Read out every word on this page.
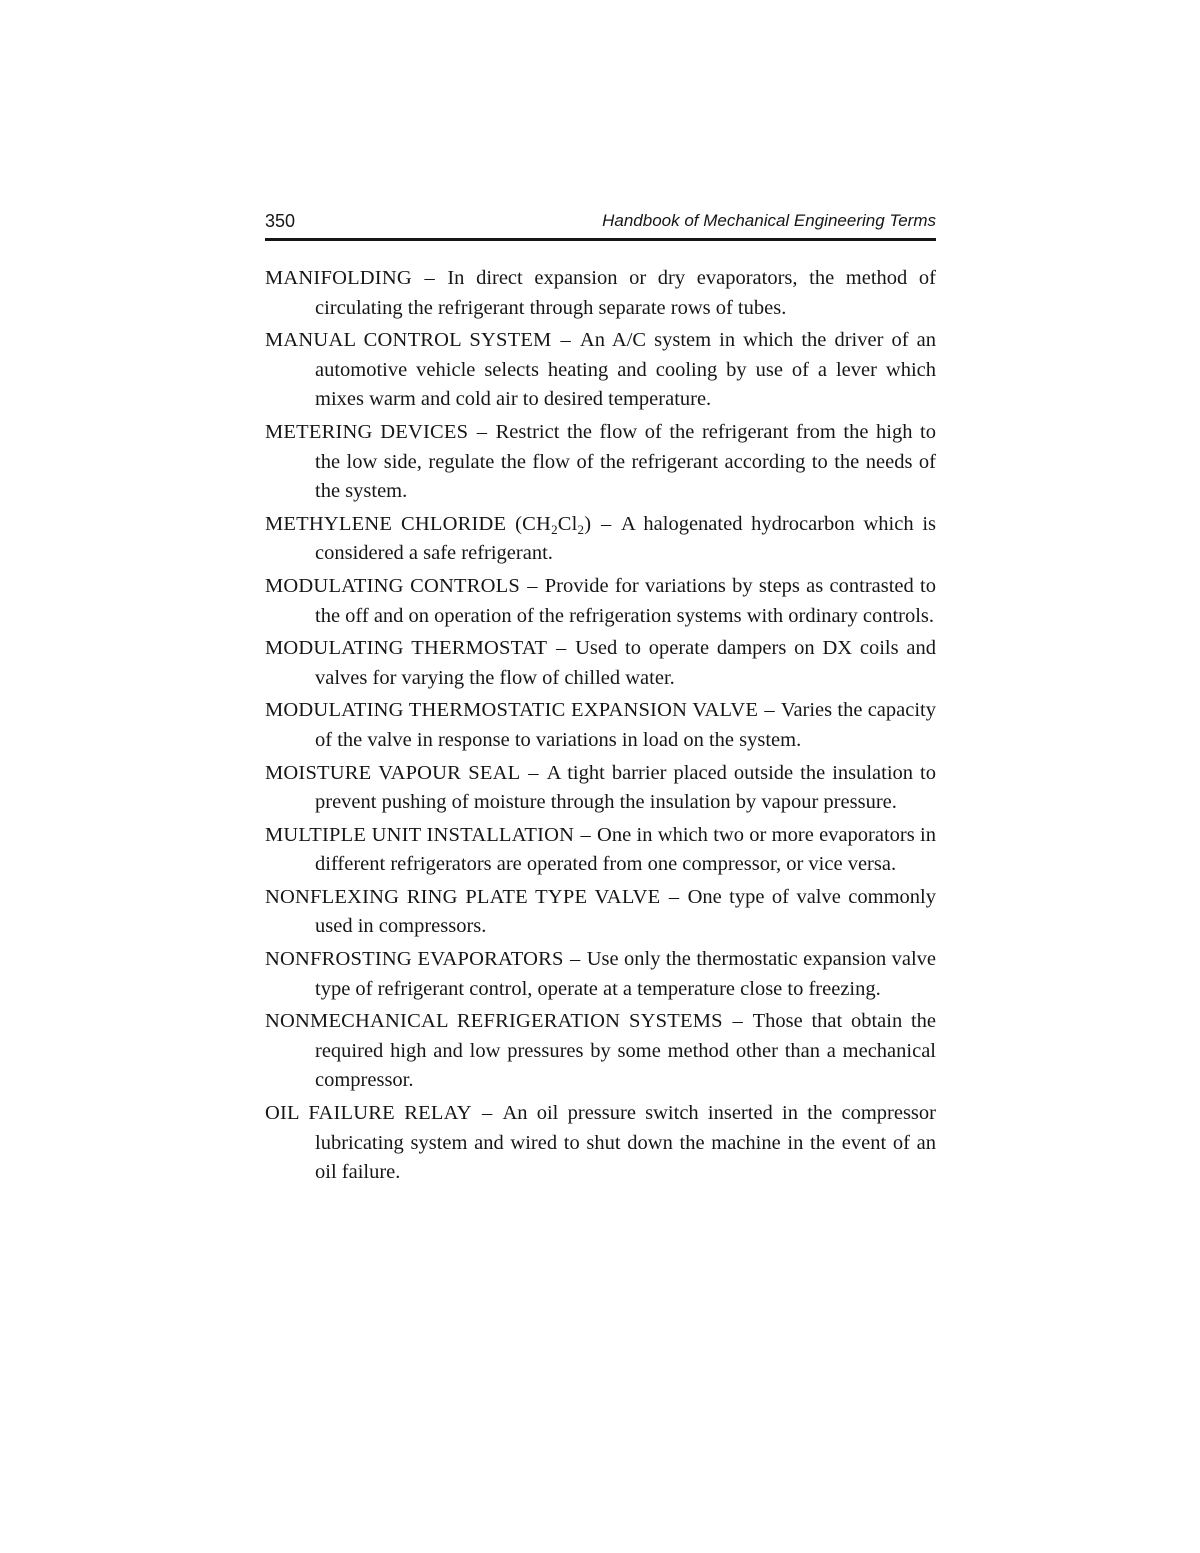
350	Handbook of Mechanical Engineering Terms

MANIFOLDING – In direct expansion or dry evaporators, the method of circulating the refrigerant through separate rows of tubes.

MANUAL CONTROL SYSTEM – An A/C system in which the driver of an automotive vehicle selects heating and cooling by use of a lever which mixes warm and cold air to desired temperature.

METERING DEVICES – Restrict the flow of the refrigerant from the high to the low side, regulate the flow of the refrigerant according to the needs of the system.

METHYLENE CHLORIDE $(CH_2Cl_2)$ – A halogenated hydrocarbon which is considered a safe refrigerant.

MODULATING CONTROLS – Provide for variations by steps as contrasted to the off and on operation of the refrigeration systems with ordinary controls.

MODULATING THERMOSTAT – Used to operate dampers on DX coils and valves for varying the flow of chilled water.

MODULATING THERMOSTATIC EXPANSION VALVE – Varies the capacity of the valve in response to variations in load on the system.

MOISTURE VAPOUR SEAL – A tight barrier placed outside the insulation to prevent pushing of moisture through the insulation by vapour pressure.

MULTIPLE UNIT INSTALLATION – One in which two or more evaporators in different refrigerators are operated from one compressor, or vice versa.

NONFLEXING RING PLATE TYPE VALVE – One type of valve commonly used in compressors.

NONFROSTING EVAPORATORS – Use only the thermostatic expansion valve type of refrigerant control, operate at a temperature close to freezing.

NONMECHANICAL REFRIGERATION SYSTEMS – Those that obtain the required high and low pressures by some method other than a mechanical compressor.

OIL FAILURE RELAY – An oil pressure switch inserted in the compressor lubricating system and wired to shut down the machine in the event of an oil failure.
